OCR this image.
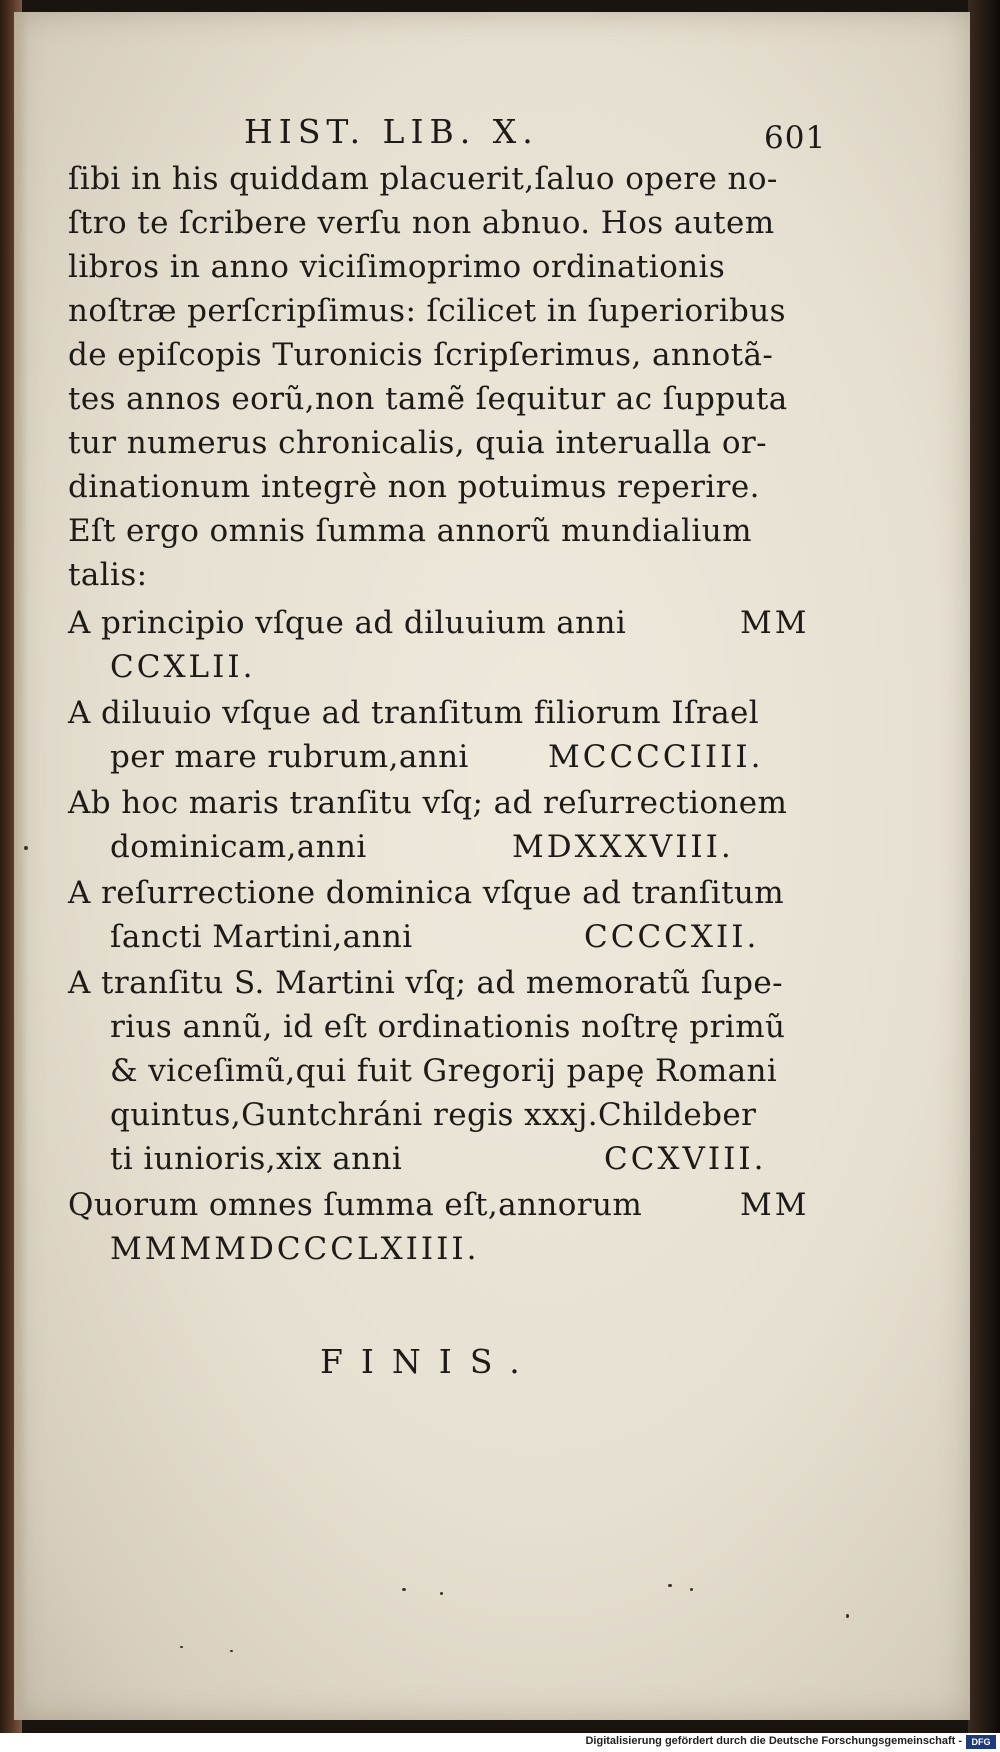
HIST. LIB. X.	601
ſibi in his quiddam placuerit,ſaluo opere no-
ſtro te ſcribere verſu non abnuo. Hos autem
libros in anno viciſimoprimo ordinationis
noſtræ perſcripſimus: ſcilicet in ſuperioribus
de epiſcopis Turonicis ſcripſerimus, annotã-
tes annos eorũ,non tamẽ ſequitur ac ſupputa
tur numerus chronicalis, quia interualla or-
dinationum integrè non potuimus reperire.
Eſt ergo omnis ſumma annorũ mundialium
talis:
A principio vſque ad diluuium anni	MM
CCXLII.
A diluuio vſque ad tranſitum filiorum Iſrael
per mare rubrum,anni	MCCCCIIII.
Ab hoc maris tranſitu vſq; ad reſurrectionem
dominicam,anni	MDXXXVIII.
A reſurrectione dominica vſque ad tranſitum
ſancti Martini,anni	CCCCXII.
A tranſitu S. Martini vſq; ad memoratũ ſupe-
rius annũ, id eſt ordinationis noſtrę primũ
& viceſimũ,qui fuit Gregorij papę Romani
quintus,Guntchráni regis xxxj.Childeber
ti iunioris,xix anni	CCXVIII.
Quorum omnes ſumma eſt,annorum	MM
MMMMDCCCLXIIII.
FINIS.
Digitalisierung gefördert durch die Deutsche Forschungsgemeinschaft -	DFG
